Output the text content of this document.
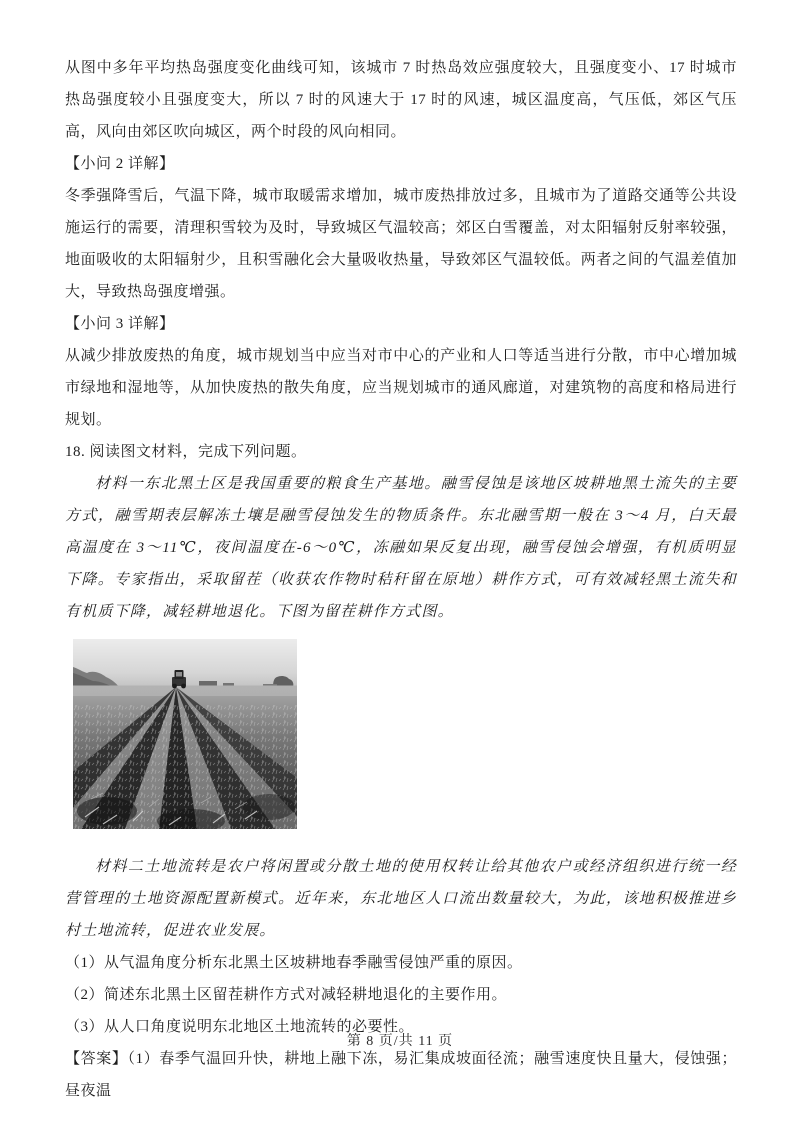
从图中多年平均热岛强度变化曲线可知，该城市 7 时热岛效应强度较大，且强度变小、17 时城市热岛强度较小且强度变大，所以 7 时的风速大于 17 时的风速，城区温度高，气压低，郊区气压高，风向由郊区吹向城区，两个时段的风向相同。

【小问 2 详解】

冬季强降雪后，气温下降，城市取暖需求增加，城市废热排放过多，且城市为了道路交通等公共设施运行的需要，清理积雪较为及时，导致城区气温较高；郊区白雪覆盖，对太阳辐射反射率较强，地面吸收的太阳辐射少，且积雪融化会大量吸收热量，导致郊区气温较低。两者之间的气温差值加大，导致热岛强度增强。

【小问 3 详解】

从减少排放废热的角度，城市规划当中应当对市中心的产业和人口等适当进行分散，市中心增加城市绿地和湿地等，从加快废热的散失角度，应当规划城市的通风廊道，对建筑物的高度和格局进行规划。

18. 阅读图文材料，完成下列问题。

材料一东北黑土区是我国重要的粮食生产基地。融雪侵蚀是该地区坡耕地黑土流失的主要方式，融雪期表层解冻土壤是融雪侵蚀发生的物质条件。东北融雪期一般在 3～4 月，白天最高温度在 3～11℃，夜间温度在-6～0℃，冻融如果反复出现，融雪侵蚀会增强，有机质明显下降。专家指出，采取留茬（收获农作物时秸秆留在原地）耕作方式，可有效减轻黑土流失和有机质下降，减轻耕地退化。下图为留茬耕作方式图。

材料二土地流转是农户将闲置或分散土地的使用权转让给其他农户或经济组织进行统一经营管理的土地资源配置新模式。近年来，东北地区人口流出数量较大，为此，该地积极推进乡村土地流转，促进农业发展。

（1）从气温角度分析东北黑土区坡耕地春季融雪侵蚀严重的原因。

（2）简述东北黑土区留茬耕作方式对减轻耕地退化的主要作用。

（3）从人口角度说明东北地区土地流转的必要性。

【答案】（1）春季气温回升快，耕地上融下冻，易汇集成坡面径流；融雪速度快且量大，侵蚀强；昼夜温

第 8 页/共 11 页
